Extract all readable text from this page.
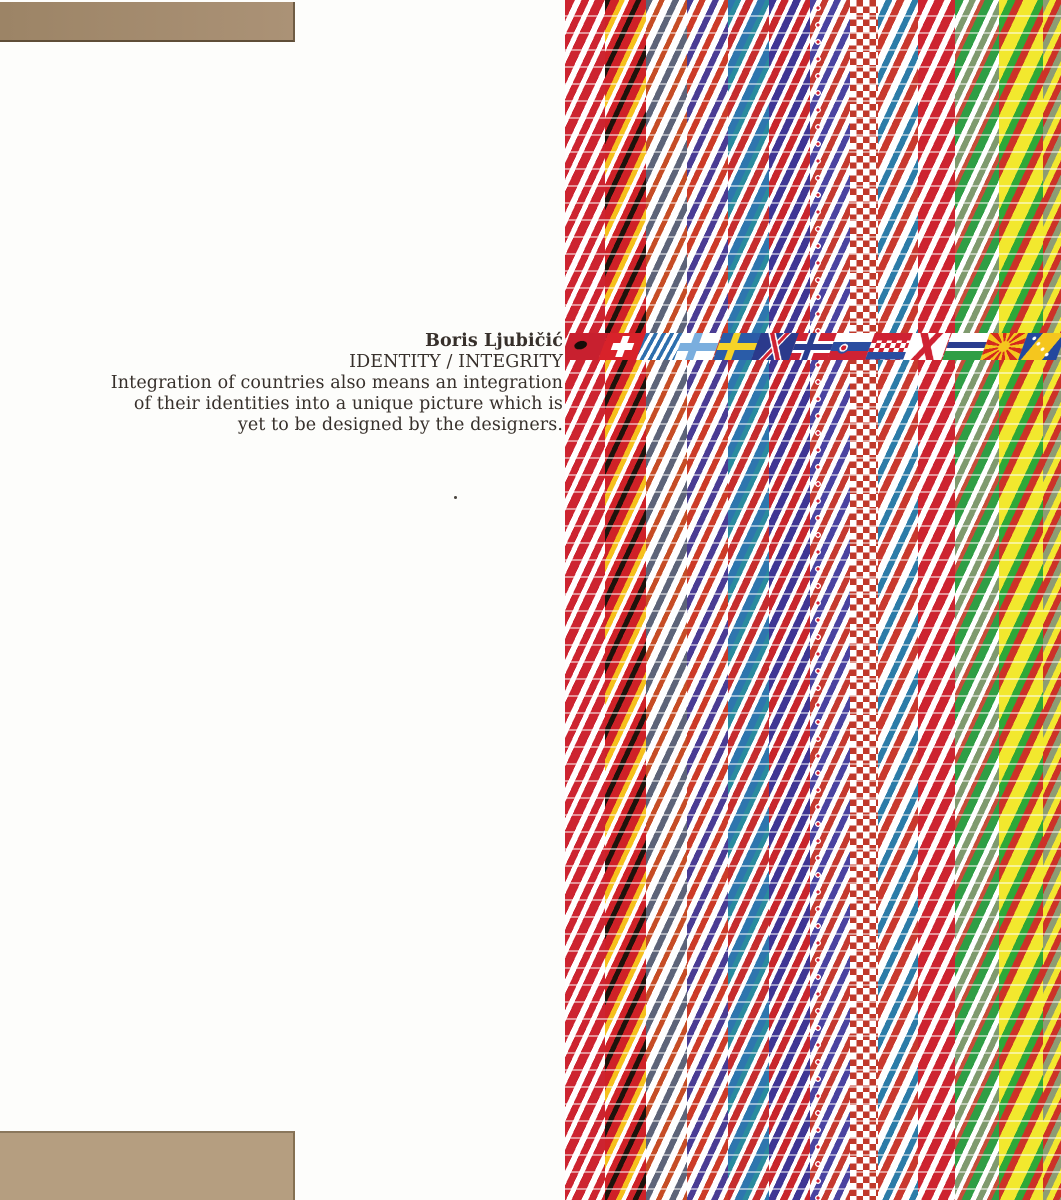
Boris Ljubičić
IDENTITY / INTEGRITY
Integration of countries also means an integration
of their identities into a unique picture which is
yet to be designed by the designers.
